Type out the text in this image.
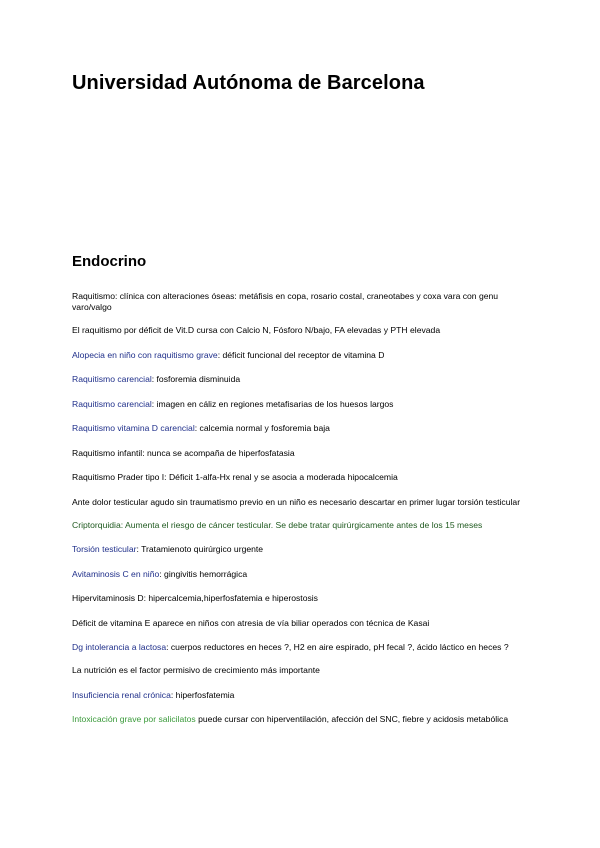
Universidad Autónoma de Barcelona
Endocrino
Raquitismo: clínica con alteraciones óseas: metáfisis en copa, rosario costal, craneotabes y coxa vara con genu varo/valgo
El raquitismo por déficit de Vit.D cursa con Calcio N, Fósforo N/bajo, FA elevadas y PTH elevada
Alopecia en niño con raquitismo grave: déficit funcional del receptor de vitamina D
Raquitismo carencial: fosforemia disminuida
Raquitismo carencial: imagen en cáliz en regiones metafisarias de los huesos largos
Raquitismo vitamina D carencial: calcemia normal y fosforemia baja
Raquitismo infantil: nunca se acompaña de hiperfosfatasia
Raquitismo Prader tipo I: Déficit 1-alfa-Hx renal y se asocia a moderada hipocalcemia
Ante dolor testicular agudo sin traumatismo previo en un niño es necesario descartar en primer lugar torsión testicular
Criptorquidia: Aumenta el riesgo de cáncer testicular. Se debe tratar quirúrgicamente antes de los 15 meses
Torsión testicular: Tratamienoto quirúrgico urgente
Avitaminosis C en niño: gingivitis hemorrágica
Hipervitaminosis D: hipercalcemia,hiperfosfatemia e hiperostosis
Déficit de vitamina E aparece en niños con atresia de vía biliar operados con técnica de Kasai
Dg intolerancia a lactosa: cuerpos reductores en heces ?, H2 en aire espirado, pH fecal ?, ácido láctico en heces ?
La nutrición es el factor permisivo de crecimiento más importante
Insuficiencia renal crónica: hiperfosfatemia
Intoxicación grave por salicilatos puede cursar con hiperventilación, afección del SNC, fiebre y acidosis metabólica
